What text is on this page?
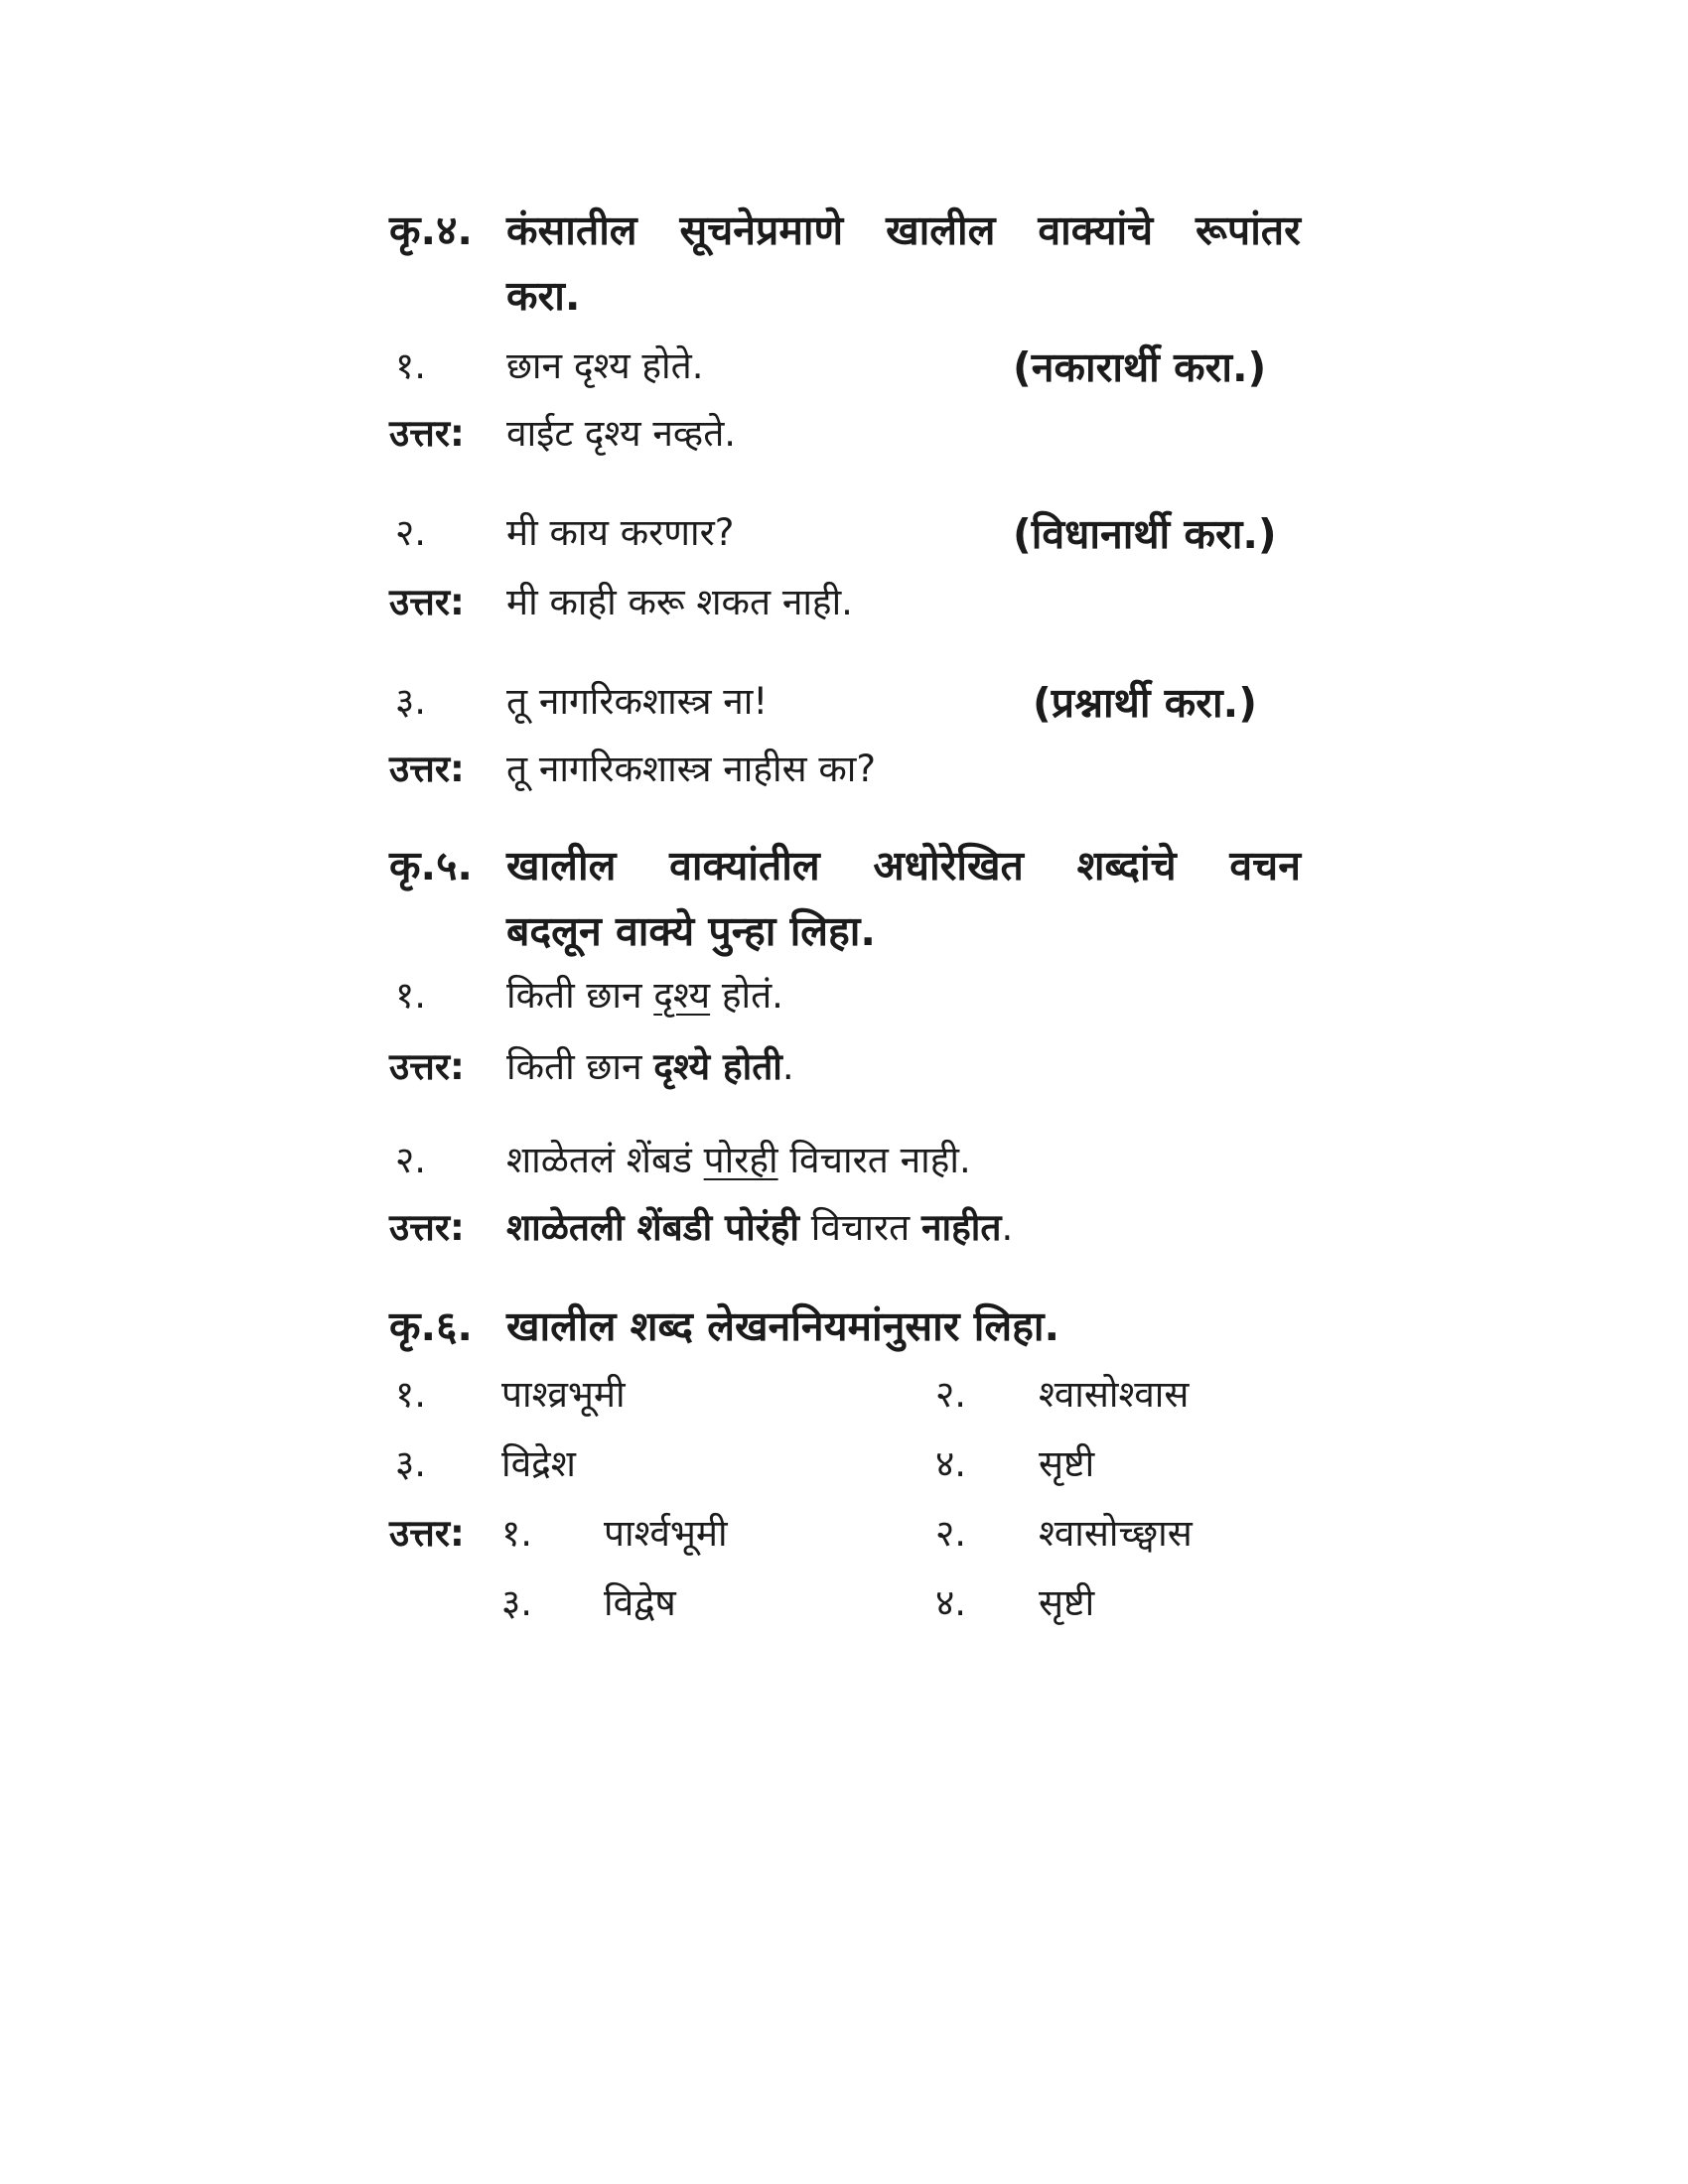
कृ.४. कंसातील सूचनेप्रमाणे खालील वाक्यांचे रूपांतर
करा.
१. छान दृश्य होते.	(नकारार्थी करा.)
उत्तर: वाईट दृश्य नव्हते.
२. मी काय करणार?	(विधानार्थी करा.)
उत्तर: मी काही करू शकत नाही.
३. तू नागरिकशास्त्र ना!	(प्रश्नार्थी करा.)
उत्तर: तू नागरिकशास्त्र नाहीस का?
कृ.५. खालील वाक्यांतील अधोरेखित शब्दांचे वचन
बदलून वाक्ये पुन्हा लिहा.
१. किती छान दृश्य होतं.
उत्तर: किती छान दृश्ये होती.
२. शाळेतलं शेंबडं पोरही विचारत नाही.
उत्तर: शाळेतली शेंबडी पोरंही विचारत नाहीत.
कृ.६. खालील शब्द लेखननियमांनुसार लिहा.
१. पाश्व्रभूमी	२. श्वासोश्वास
३. विद्रेश	४. सृष्टी
उत्तर: १. पार्श्वभूमी	२. श्वासोच्छ्वास
३. विद्वेष	४. सृष्टी
